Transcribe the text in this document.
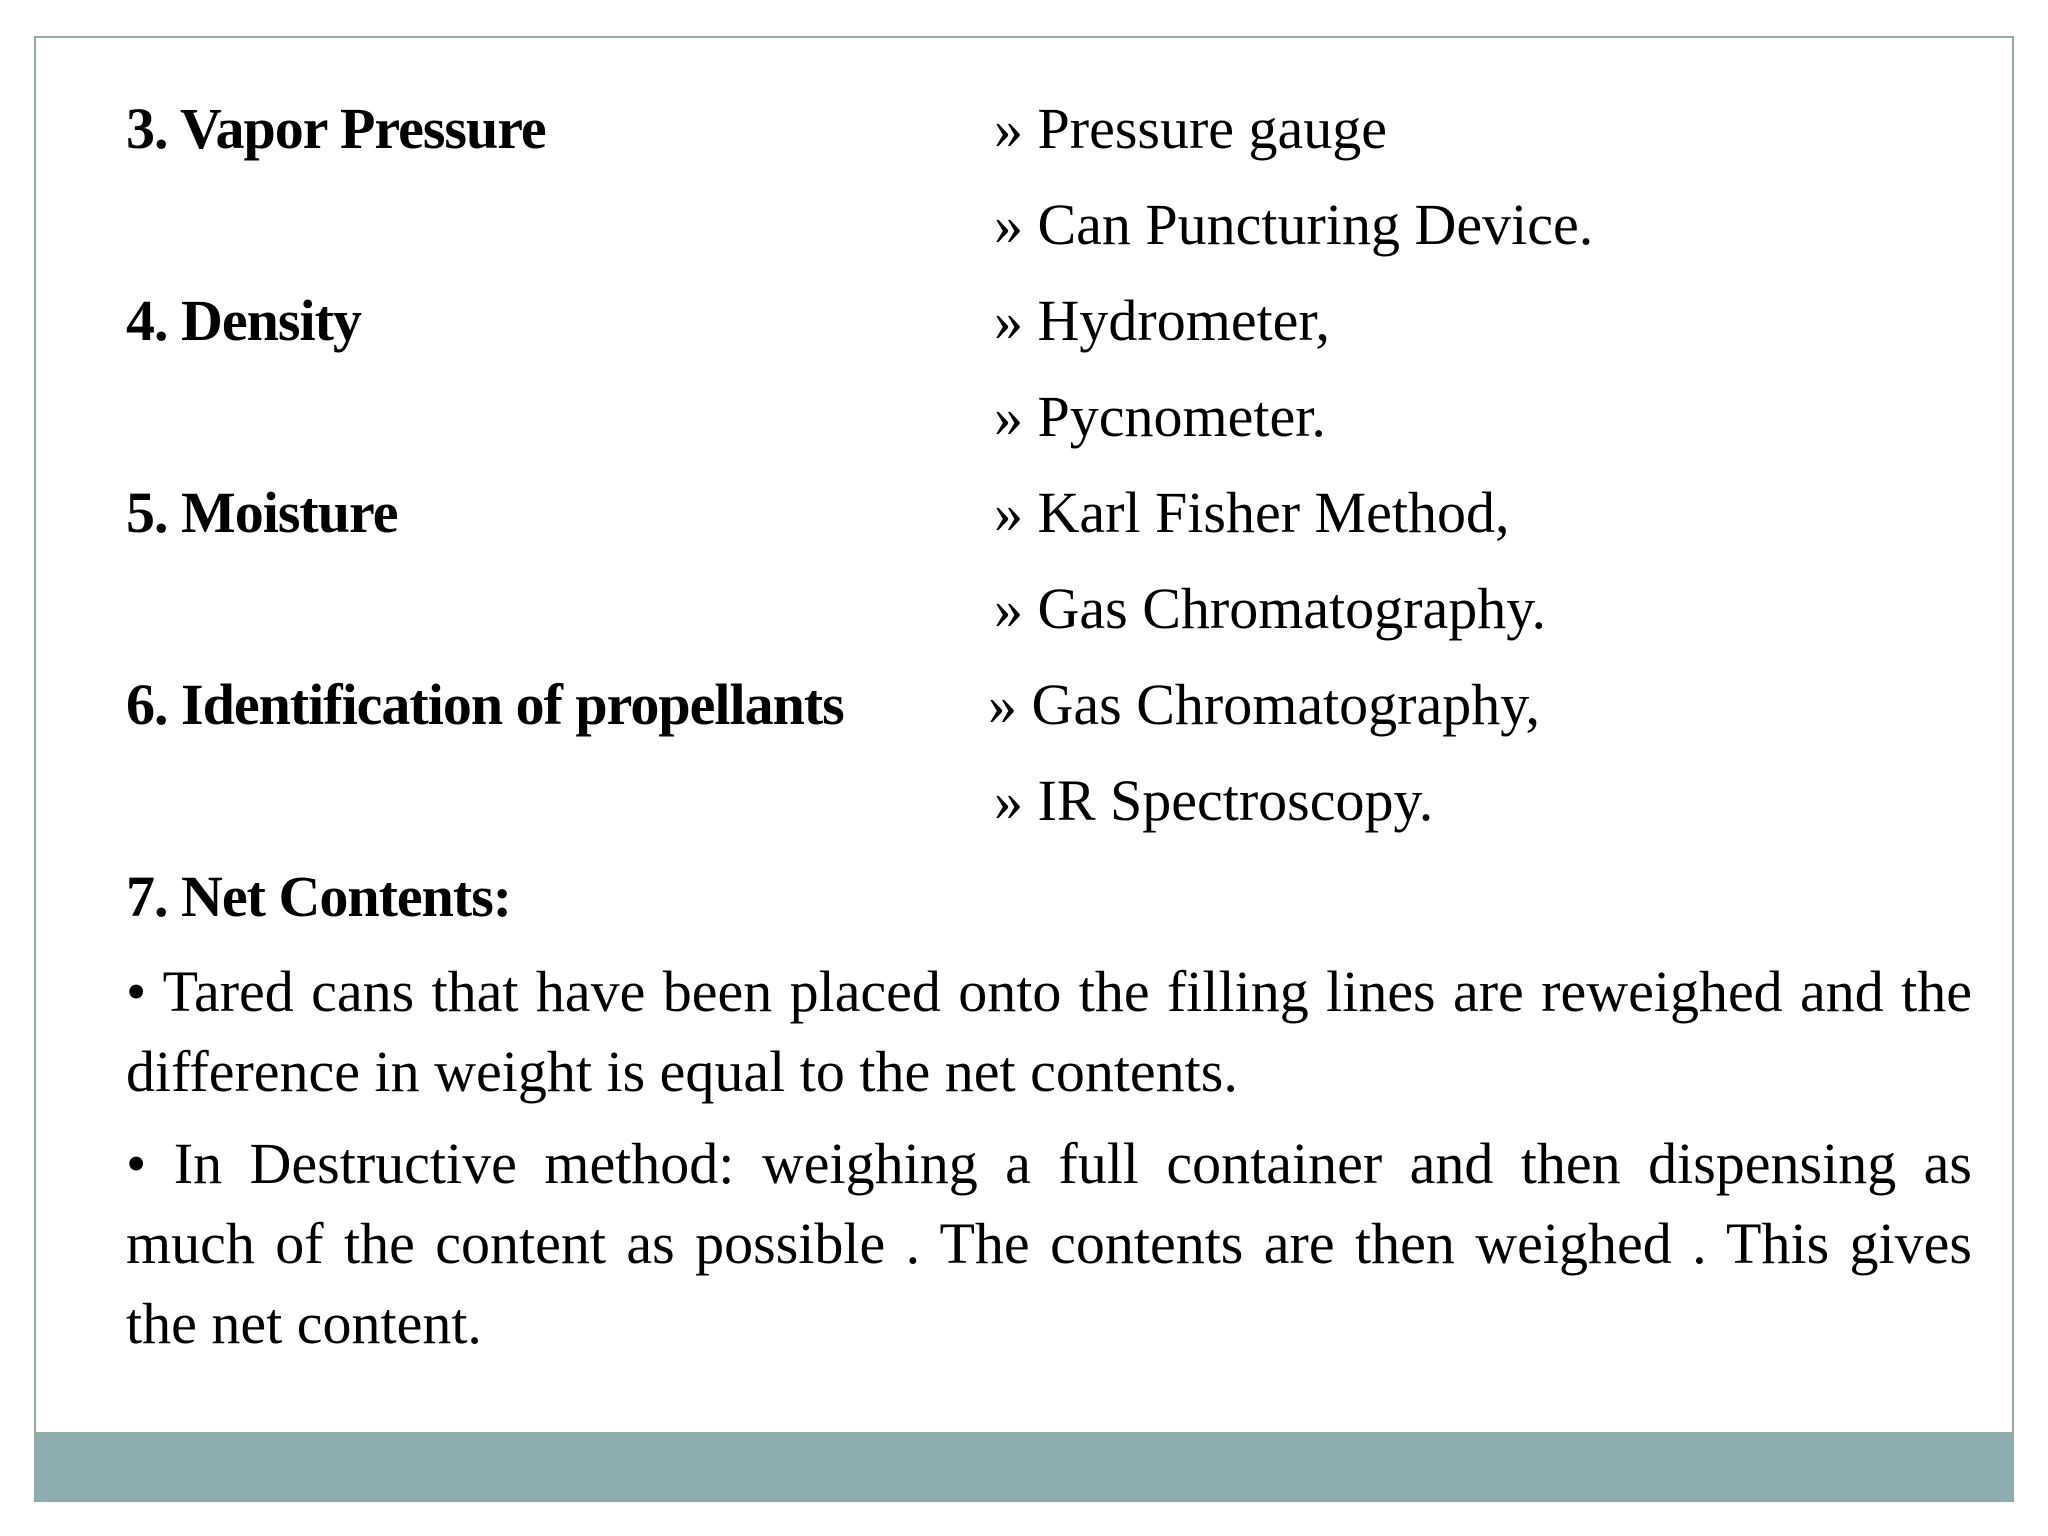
3. Vapor Pressure	» Pressure gauge
» Can Puncturing Device.
4. Density	» Hydrometer,
» Pycnometer.
5. Moisture	» Karl Fisher Method,
» Gas Chromatography.
6. Identification of propellants » Gas Chromatography,
» IR Spectroscopy.
7. Net Contents:
• Tared cans that have been placed onto the filling lines are reweighed and the difference in weight is equal to the net contents.
• In Destructive method: weighing a full container and then dispensing as much of the content as possible . The contents are then weighed . This gives the net content.
